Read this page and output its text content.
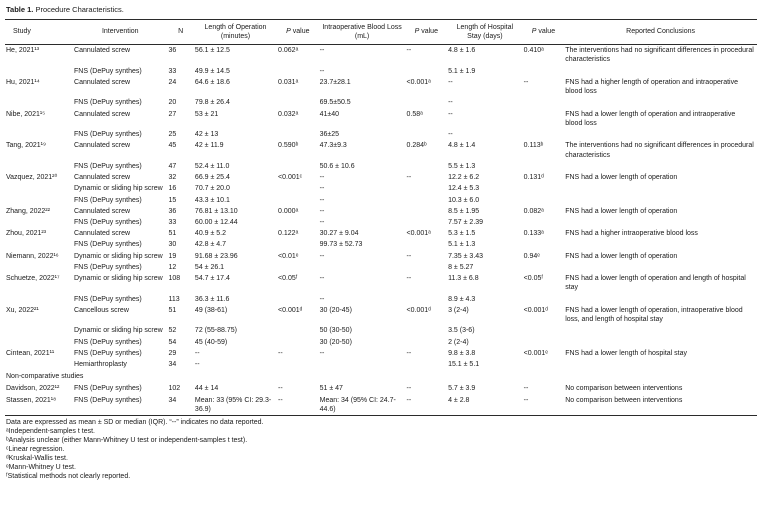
Table 1. Procedure Characteristics.
Study	Intervention	N	Length of Operation (minutes)	P value	Intraoperative Blood Loss (mL)	P value	Length of Hospital Stay (days)	P value	Reported Conclusions
He, 2021¹³	Cannulated screw	36	56.1 ± 12.5	0.062ᵃ	--	--	4.8 ± 1.6	0.410ᵃ	The interventions had no significant differences in procedural characteristics
	FNS (DePuy synthes)	33	49.9 ± 14.5		--		5.1 ± 1.9		
Hu, 2021¹⁴	Cannulated screw	24	64.6 ± 18.6	0.031ᵃ	23.7±28.1	<0.001ᵃ	--	--	FNS had a higher length of operation and intraoperative blood loss
	FNS (DePuy synthes)	20	79.8 ± 26.4		69.5±50.5		--		
Nibe, 2021¹⁵	Cannulated screw	27	53 ± 21	0.032ᵃ	41±40	0.58ᵃ	--		FNS had a lower length of operation and intraoperative blood loss
	FNS (DePuy synthes)	25	42 ± 13		36±25		--		
Tang, 2021¹⁹	Cannulated screw	45	42 ± 11.9	0.590ᵇ	47.3±9.3	0.284ᵇ	4.8 ± 1.4	0.113ᵇ	The interventions had no significant differences in procedural characteristics
	FNS (DePuy synthes)	47	52.4 ± 11.0		50.6 ± 10.6		5.5 ± 1.3		
Vazquez, 2021²⁰	Cannulated screw	32	66.9 ± 25.4	<0.001ᶜ	--	--	12.2 ± 6.2	0.131ᵈ	FNS had a lower length of operation
	Dynamic or sliding hip screw	16	70.7 ± 20.0		--		12.4 ± 5.3		
	FNS (DePuy synthes)	15	43.3 ± 10.1		--		10.3 ± 6.0		
Zhang, 2022²²	Cannulated screw	36	76.81 ± 13.10	0.000ᵃ	--		8.5 ± 1.95	0.082ᵃ	FNS had a lower length of operation
	FNS (DePuy synthes)	33	60.00 ± 12.44		--		7.57 ± 2.39		
Zhou, 2021²³	Cannulated screw	51	40.9 ± 5.2	0.122ᵃ	30.27 ± 9.04	<0.001ᵃ	5.3 ± 1.5	0.133ᵃ	FNS had a higher intraoperative blood loss
	FNS (DePuy synthes)	30	42.8 ± 4.7		99.73 ± 52.73		5.1 ± 1.3		
Niemann, 2022¹⁶	Dynamic or sliding hip screw	19	91.68 ± 23.96	<0.01ᵉ	--	--	7.35 ± 3.43	0.94ᵉ	FNS had a lower length of operation
	FNS (DePuy synthes)	12	54 ± 26.1				8 ± 5.27		
Schuetze, 2022¹⁷	Dynamic or sliding hip screw	108	54.7 ± 17.4	<0.05ᶠ	--	--	11.3 ± 6.8	<0.05ᶠ	FNS had a lower length of operation and length of hospital stay
	FNS (DePuy synthes)	113	36.3 ± 11.6		--		8.9 ± 4.3		
Xu, 2022²¹	Cancellous screw	51	49 (38-61)	<0.001ᵈ	30 (20-45)	<0.001ᵈ	3 (2-4)	<0.001ᵈ	FNS had a lower length of operation, intraoperative blood loss, and length of hospital stay
	Dynamic or sliding hip screw	52	72 (55-88.75)		50 (30-50)		3.5 (3-6)		
	FNS (DePuy synthes)	54	45 (40-59)		30 (20-50)		2 (2-4)		
Cintean, 2021¹¹	FNS (DePuy synthes)	29	--	--	--	--	9.8 ± 3.8	<0.001ᵉ	FNS had a lower length of hospital stay
	Hemiarthroplasty	34	--				15.1 ± 5.1		
Non-comparative studies									
Davidson, 2022¹²	FNS (DePuy synthes)	102	44 ± 14	--	51 ± 47	--	5.7 ± 3.9	--	No comparison between interventions
Stassen, 2021¹⁸	FNS (DePuy synthes)	34	Mean: 33 (95% CI: 29.3-36.9)	--	Mean: 34 (95% CI: 24.7-44.6)	--	4 ± 2.8	--	No comparison between interventions
Data are expressed as mean ± SD or median (IQR). “--” indicates no data reported.
ᵃIndependent-samples t test.
ᵇAnalysis unclear (either Mann-Whitney U test or independent-samples t test).
ᶜLinear regression.
ᵈKruskal-Wallis test.
ᵉMann-Whitney U test.
ᶠStatistical methods not clearly reported.
